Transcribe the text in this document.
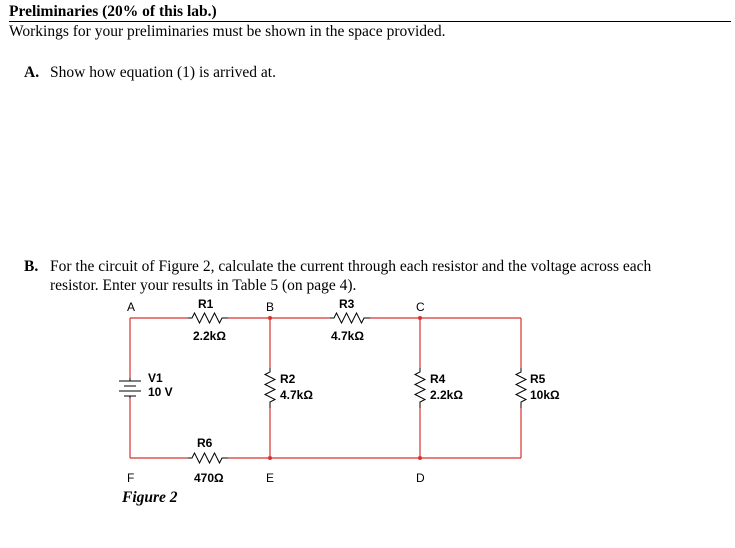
Preliminaries (20% of this lab.)
Workings for your preliminaries must be shown in the space provided.
A. Show how equation (1) is arrived at.
B. For the circuit of Figure 2, calculate the current through each resistor and the voltage across each
resistor. Enter your results in Table 5 (on page 4).
A	B	C
D
E
F
R1
2.2kΩ
R3
4.7kΩ
R6
470Ω
R2
4.7kΩ
R4
2.2kΩ
R5
10kΩ
V1
10 V
Figure 2
